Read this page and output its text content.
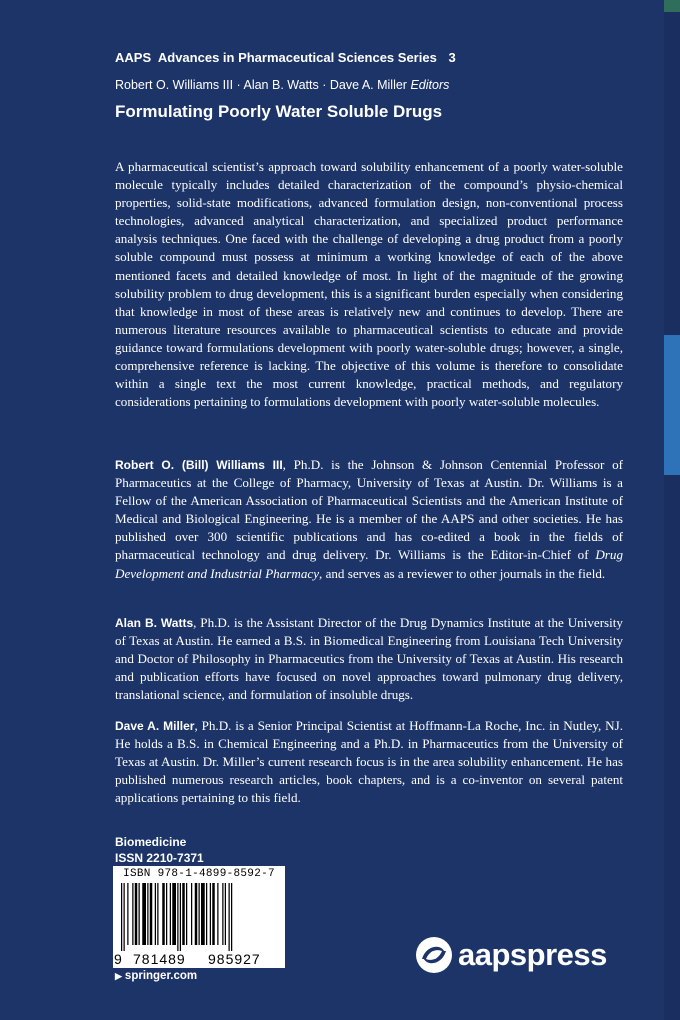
AAPS Advances in Pharmaceutical Sciences Series 3
Robert O. Williams III · Alan B. Watts · Dave A. Miller Editors
Formulating Poorly Water Soluble Drugs

A pharmaceutical scientist’s approach toward solubility enhancement of a poorly water-soluble molecule typically includes detailed characterization of the compound’s physio-chemical properties, solid-state modifications, advanced formulation design, non-conventional process technologies, advanced analytical characterization, and specialized product performance analysis techniques. One faced with the challenge of developing a drug product from a poorly soluble compound must possess at minimum a working knowledge of each of the above mentioned facets and detailed knowledge of most. In light of the magnitude of the growing solubility problem to drug development, this is a significant burden especially when considering that knowledge in most of these areas is relatively new and continues to develop. There are numerous literature resources available to pharmaceutical scientists to educate and provide guidance toward formulations development with poorly water-soluble drugs; however, a single, comprehensive reference is lacking. The objective of this volume is therefore to consolidate within a single text the most current knowledge, practical methods, and regulatory considerations pertaining to formulations development with poorly water-soluble molecules.

Robert O. (Bill) Williams III, Ph.D. is the Johnson & Johnson Centennial Professor of Pharmaceutics at the College of Pharmacy, University of Texas at Austin. Dr. Williams is a Fellow of the American Association of Pharmaceutical Scientists and the American Institute of Medical and Biological Engineering. He is a member of the AAPS and other societies. He has published over 300 scientific publications and has co-edited a book in the fields of pharmaceutical technology and drug delivery. Dr. Williams is the Editor-in-Chief of Drug Development and Industrial Pharmacy, and serves as a reviewer to other journals in the field.

Alan B. Watts, Ph.D. is the Assistant Director of the Drug Dynamics Institute at the University of Texas at Austin. He earned a B.S. in Biomedical Engineering from Louisiana Tech University and Doctor of Philosophy in Pharmaceutics from the University of Texas at Austin. His research and publication efforts have focused on novel approaches toward pulmonary drug delivery, translational science, and formulation of insoluble drugs.

Dave A. Miller, Ph.D. is a Senior Principal Scientist at Hoffmann-La Roche, Inc. in Nutley, NJ. He holds a B.S. in Chemical Engineering and a Ph.D. in Pharmaceutics from the University of Texas at Austin. Dr. Miller’s current research focus is in the area solubility enhancement. He has published numerous research articles, book chapters, and is a co-inventor on several patent applications pertaining to this field.

Biomedicine
ISSN 2210-7371
ISBN 978-1-4899-8592-7
9 781489 985927
▶ springer.com
aapspress
